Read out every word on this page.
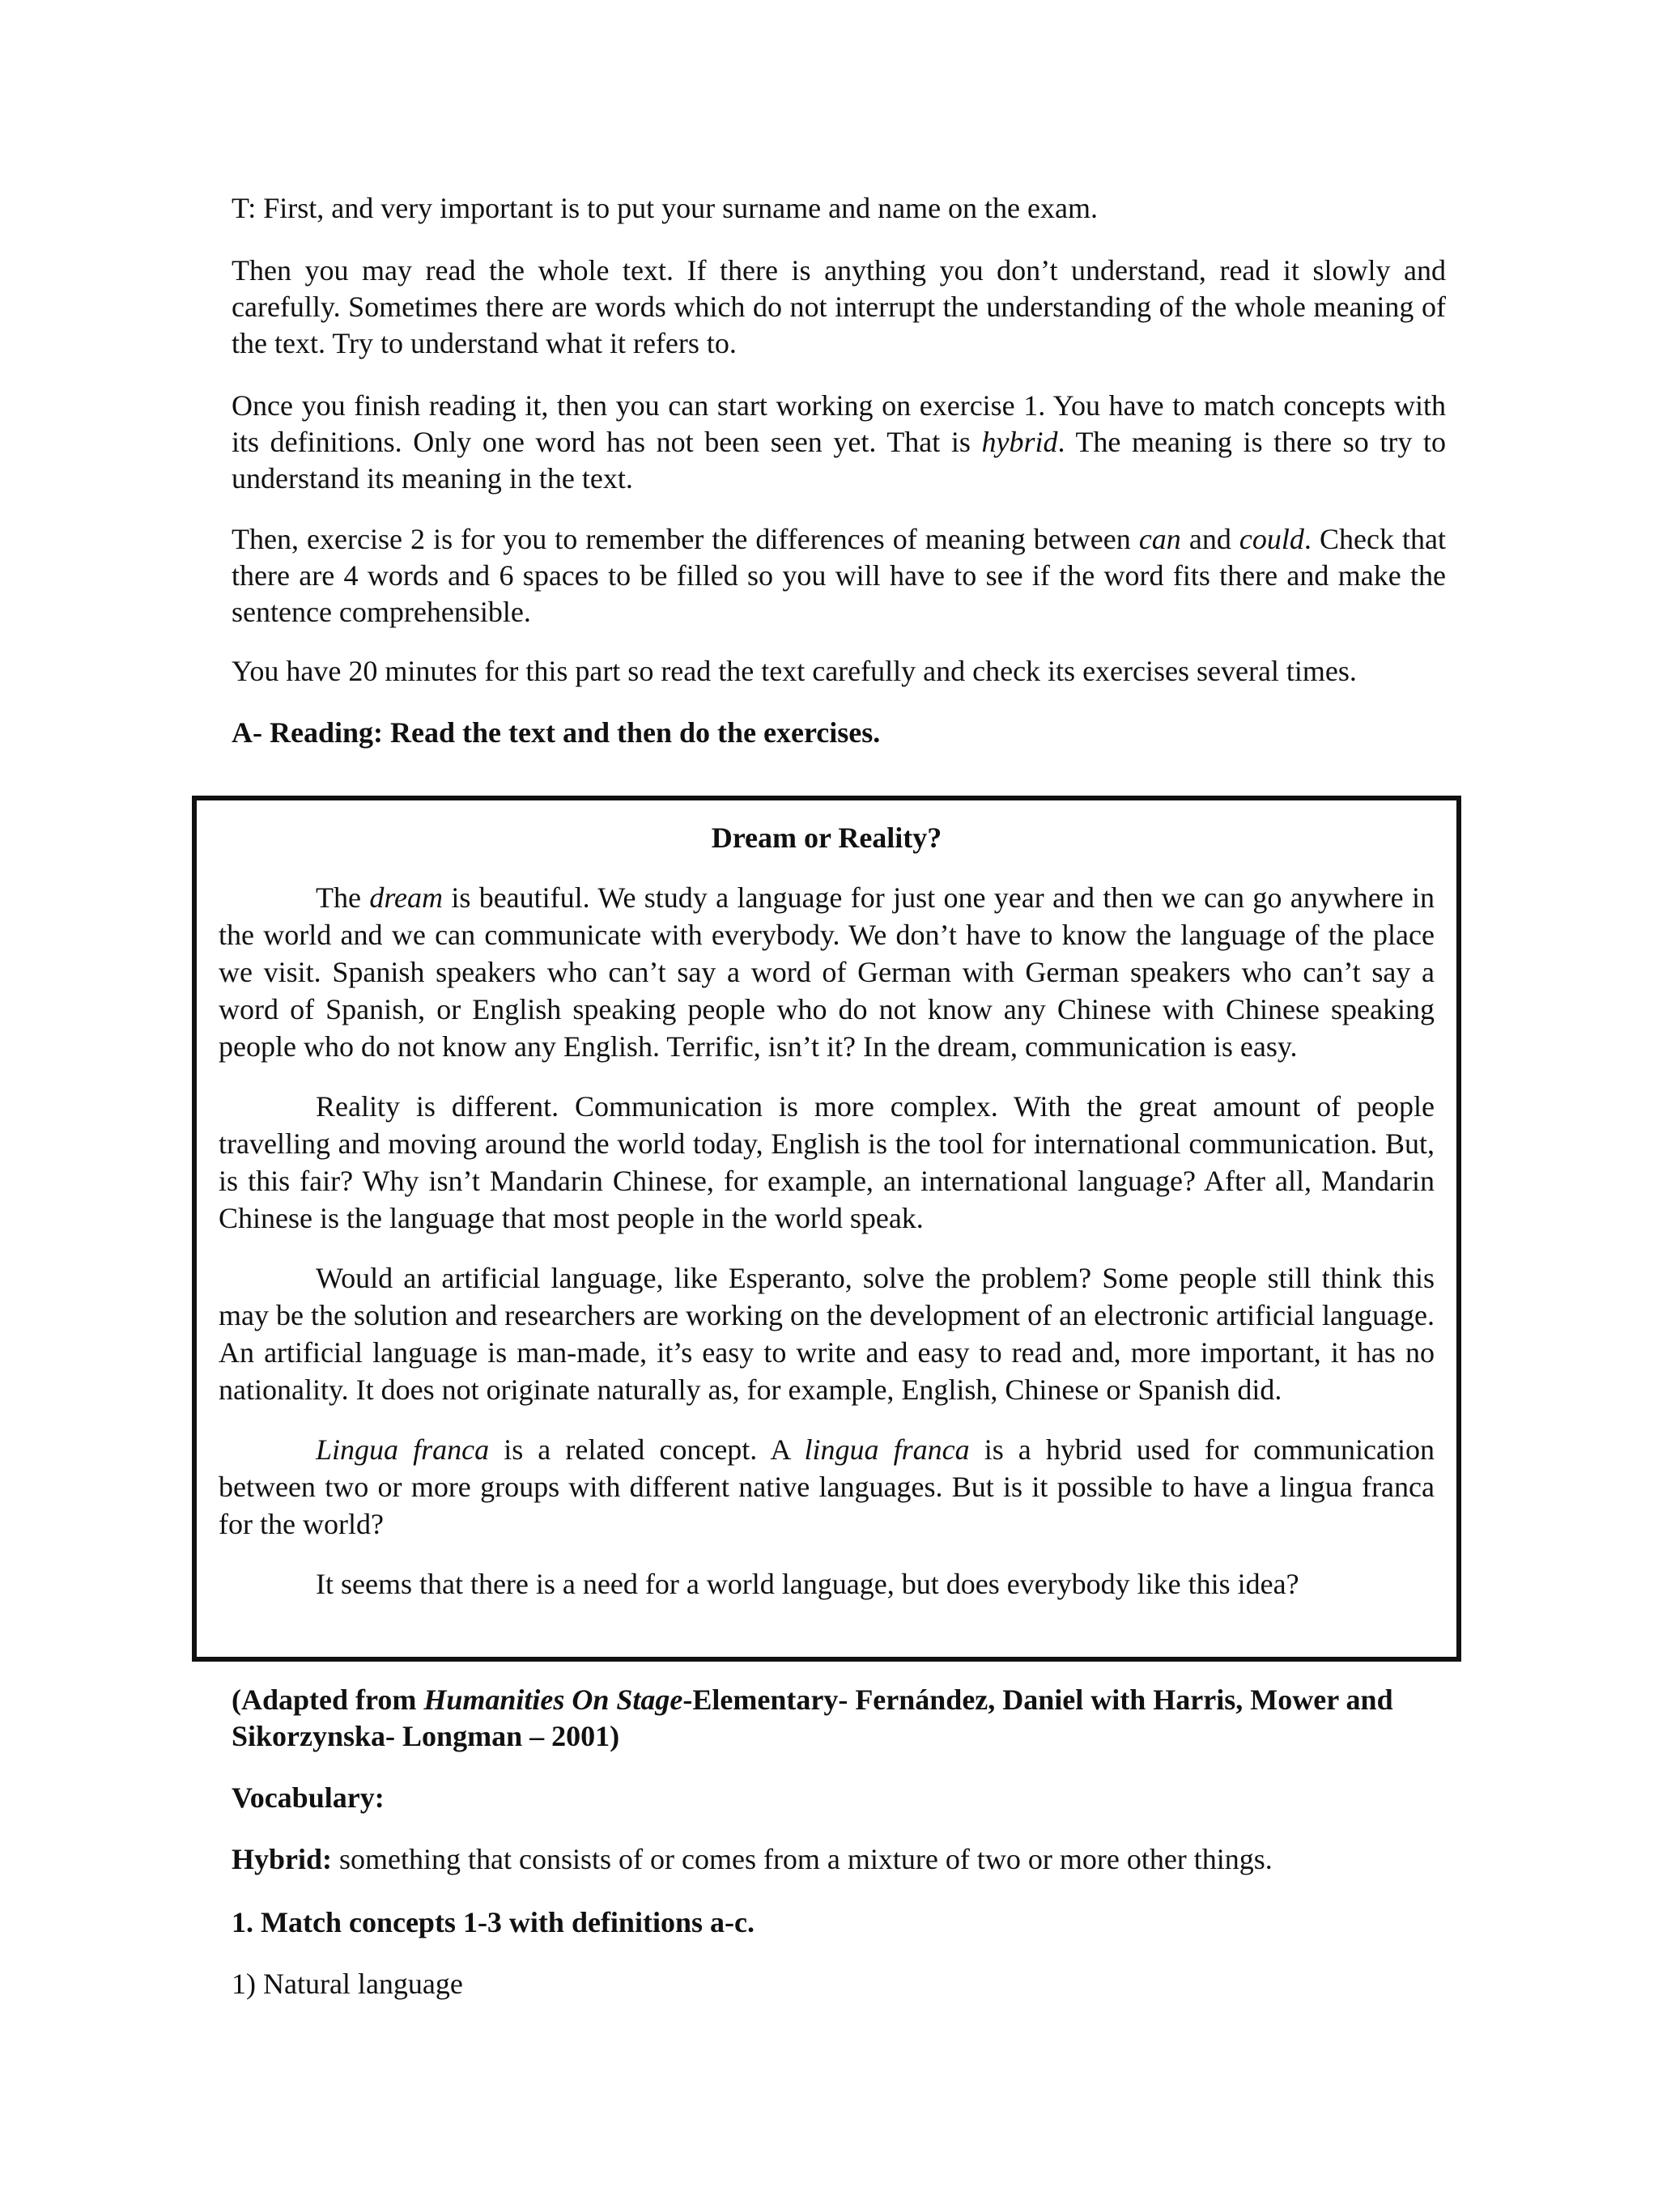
T: First, and very important is to put your surname and name on the exam.

Then you may read the whole text. If there is anything you don’t understand, read it slowly and carefully. Sometimes there are words which do not interrupt the understanding of the whole meaning of the text. Try to understand what it refers to.

Once you finish reading it, then you can start working on exercise 1. You have to match concepts with its definitions. Only one word has not been seen yet. That is hybrid. The meaning is there so try to understand its meaning in the text.

Then, exercise 2 is for you to remember the differences of meaning between can and could. Check that there are 4 words and 6 spaces to be filled so you will have to see if the word fits there and make the sentence comprehensible.

You have 20 minutes for this part so read the text carefully and check its exercises several times.

A- Reading: Read the text and then do the exercises.

Dream or Reality?

The dream is beautiful. We study a language for just one year and then we can go anywhere in the world and we can communicate with everybody. We don’t have to know the language of the place we visit. Spanish speakers who can’t say a word of German with German speakers who can’t say a word of Spanish, or English speaking people who do not know any Chinese with Chinese speaking people who do not know any English. Terrific, isn’t it? In the dream, communication is easy.

Reality is different. Communication is more complex. With the great amount of people travelling and moving around the world today, English is the tool for international communication. But, is this fair? Why isn’t Mandarin Chinese, for example, an international language? After all, Mandarin Chinese is the language that most people in the world speak.

Would an artificial language, like Esperanto, solve the problem? Some people still think this may be the solution and researchers are working on the development of an electronic artificial language. An artificial language is man-made, it’s easy to write and easy to read and, more important, it has no nationality. It does not originate naturally as, for example, English, Chinese or Spanish did.

Lingua franca is a related concept. A lingua franca is a hybrid used for communication between two or more groups with different native languages. But is it possible to have a lingua franca for the world?

It seems that there is a need for a world language, but does everybody like this idea?

(Adapted from Humanities On Stage-Elementary- Fernández, Daniel with Harris, Mower and Sikorzynska- Longman – 2001)

Vocabulary:

Hybrid: something that consists of or comes from a mixture of two or more other things.

1. Match concepts 1-3 with definitions a-c.

1) Natural language
